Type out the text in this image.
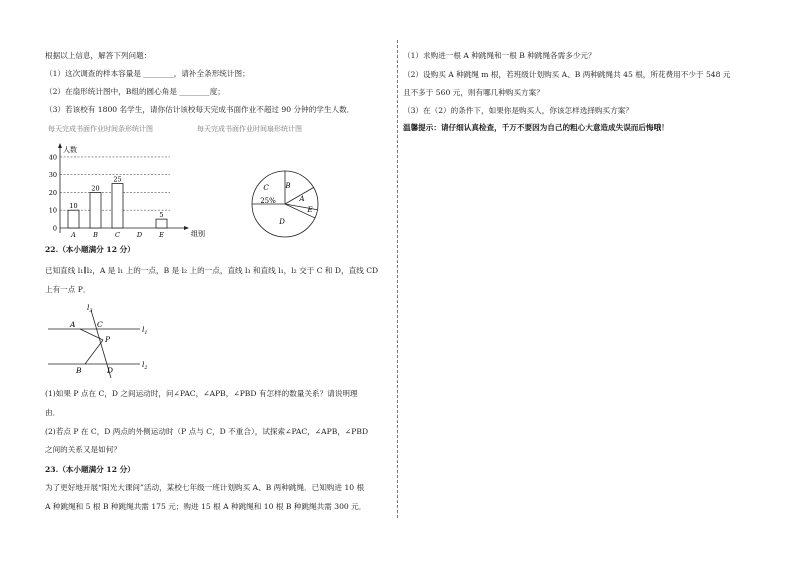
根据以上信息，解答下列问题：
（1）这次调查的样本容量是 ________，请补全条形统计图；
（2）在扇形统计图中，B组的圆心角是 ________度；
（3）若该校有 1800 名学生，请你估计该校每天完成书面作业不超过 90 分钟的学生人数．
每天完成书面作业时间条形统计图	每天完成书面作业时间扇形统计图
22.（本小题满分 12 分）
已知直线 l₁∥l₂，A 是 l₁ 上的一点，B 是 l₂ 上的一点，直线 l₃ 和直线 l₁，l₂ 交于 C 和 D，直线 CD
上有一点 P．
(1)如果 P 点在 C，D 之间运动时，问∠PAC，∠APB，∠PBD 有怎样的数量关系？请说明理
由．
(2)若点 P 在 C，D 两点的外侧运动时（P 点与 C，D 不重合），试探索∠PAC，∠APB，∠PBD
之间的关系又是如何？
23.（本小题满分 12 分）
为了更好地开展“阳光大课间”活动，某校七年级一班计划购买 A、B 两种跳绳．已知购进 10 根
A 种跳绳和 5 根 B 种跳绳共需 175 元；购进 15 根 A 种跳绳和 10 根 B 种跳绳共需 300 元．
人数
组别
10
20
30
40
0
10
A
20
B
25
C	D
5
E
A
B
C
D
E
25%
$l_1$
$l_2$
$l_3$
A	C
P
B	D
（1）求购进一根 A 种跳绳和一根 B 种跳绳各需多少元？
（2）设购买 A 种跳绳 m 根，若班级计划购买 A、B 两种跳绳共 45 根，所花费用不少于 548 元
且不多于 560 元，则有哪几种购买方案？
（3）在（2）的条件下，如果你是购买人，你该怎样选择购买方案？
温馨提示：请仔细认真检查，千万不要因为自己的粗心大意造成失误而后悔哦！
